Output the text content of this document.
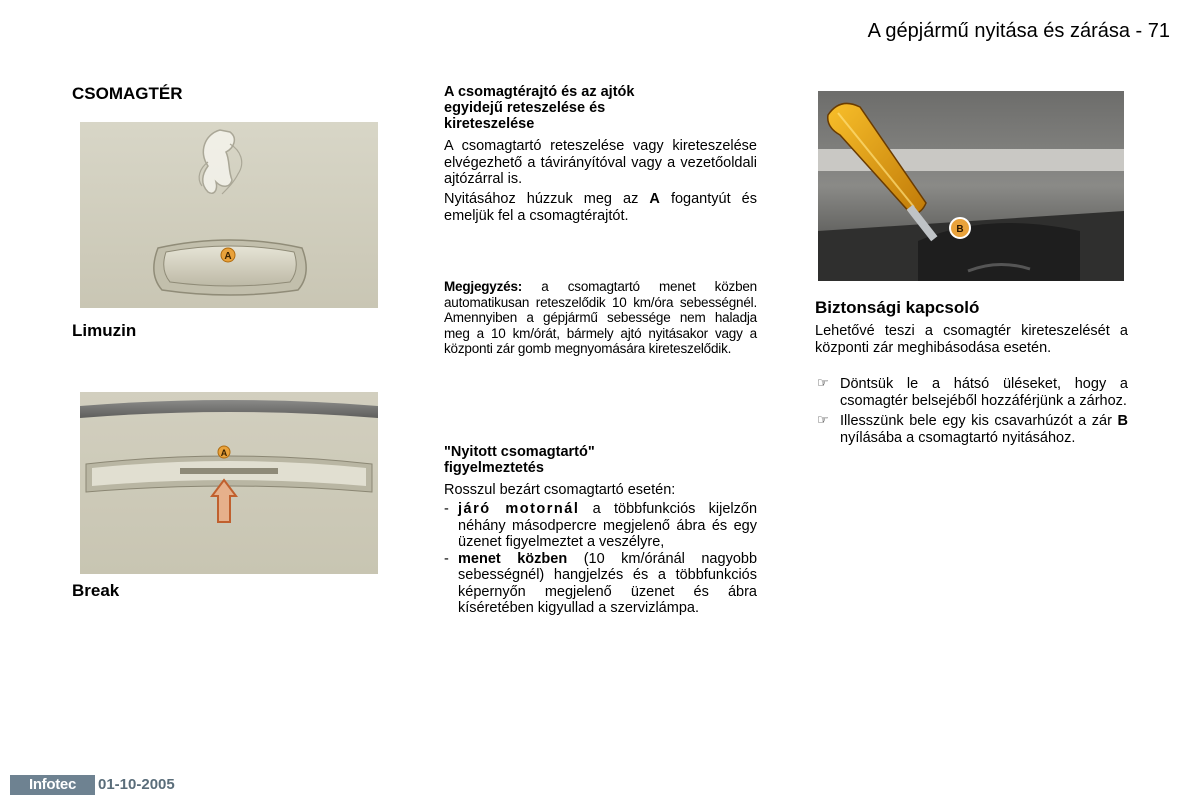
A gépjármű nyitása és zárása - 71
CSOMAGTÉR
A
Limuzin
A
Break
A csomagtérajtó és az ajtók
egyidejű reteszelése és
kireteszelése
A csomagtartó reteszelése vagy kireteszelése elvégezhető a távirányítóval vagy a vezetőoldali ajtózárral is.
Nyitásához húzzuk meg az A fogantyút és emeljük fel a csomagtérajtót.
Megjegyzés: a csomagtartó menet közben automatikusan reteszelődik 10 km/óra sebességnél. Amennyiben a gépjármű sebessége nem haladja meg a 10 km/órát, bármely ajtó nyitásakor vagy a központi zár gomb megnyomására kireteszelődik.
"Nyitott csomagtartó"
figyelmeztetés
Rosszul bezárt csomagtartó esetén:
- járó motornál a többfunkciós kijelzőn néhány másodpercre megjelenő ábra és egy üzenet figyelmeztet a veszélyre,
- menet közben (10 km/óránál nagyobb sebességnél) hangjelzés és a többfunkciós képernyőn megjelenő üzenet és ábra kíséretében kigyullad a szervizlámpa.
B
Biztonsági kapcsoló
Lehetővé teszi a csomagtér kireteszelését a központi zár meghibásodása esetén.
☞ Döntsük le a hátsó üléseket, hogy a csomagtér belsejéből hozzáférjünk a zárhoz.
☞ Illesszünk bele egy kis csavarhúzót a zár B nyílásába a csomagtartó nyitásához.
Infotec	01-10-2005
